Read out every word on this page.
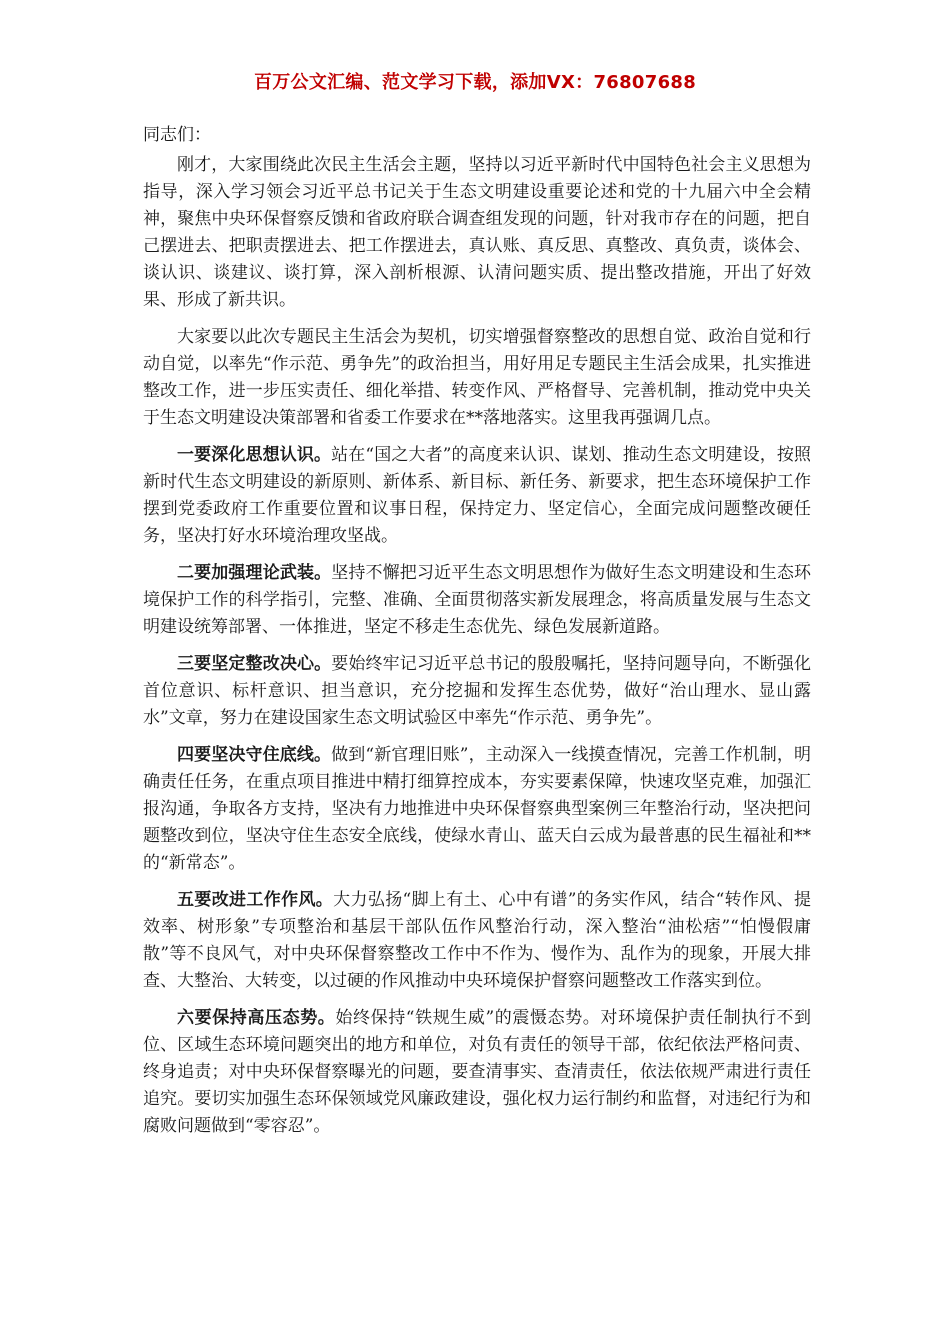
百万公文汇编、范文学习下载，添加VX：76807688

同志们：

刚才，大家围绕此次民主生活会主题，坚持以习近平新时代中国特色社会主义思想为指导，深入学习领会习近平总书记关于生态文明建设重要论述和党的十九届六中全会精神，聚焦中央环保督察反馈和省政府联合调查组发现的问题，针对我市存在的问题，把自己摆进去、把职责摆进去、把工作摆进去，真认账、真反思、真整改、真负责，谈体会、谈认识、谈建议、谈打算，深入剖析根源、认清问题实质、提出整改措施，开出了好效果、形成了新共识。

大家要以此次专题民主生活会为契机，切实增强督察整改的思想自觉、政治自觉和行动自觉，以率先“作示范、勇争先”的政治担当，用好用足专题民主生活会成果，扎实推进整改工作，进一步压实责任、细化举措、转变作风、严格督导、完善机制，推动党中央关于生态文明建设决策部署和省委工作要求在**落地落实。这里我再强调几点。

一要深化思想认识。站在“国之大者”的高度来认识、谋划、推动生态文明建设，按照新时代生态文明建设的新原则、新体系、新目标、新任务、新要求，把生态环境保护工作摆到党委政府工作重要位置和议事日程，保持定力、坚定信心，全面完成问题整改硬任务，坚决打好水环境治理攻坚战。

二要加强理论武装。坚持不懈把习近平生态文明思想作为做好生态文明建设和生态环境保护工作的科学指引，完整、准确、全面贯彻落实新发展理念，将高质量发展与生态文明建设统筹部署、一体推进，坚定不移走生态优先、绿色发展新道路。

三要坚定整改决心。要始终牢记习近平总书记的殷殷嘱托，坚持问题导向，不断强化首位意识、标杆意识、担当意识，充分挖掘和发挥生态优势，做好“治山理水、显山露水”文章，努力在建设国家生态文明试验区中率先“作示范、勇争先”。

四要坚决守住底线。做到“新官理旧账”，主动深入一线摸查情况，完善工作机制，明确责任任务，在重点项目推进中精打细算控成本，夯实要素保障，快速攻坚克难，加强汇报沟通，争取各方支持，坚决有力地推进中央环保督察典型案例三年整治行动，坚决把问题整改到位，坚决守住生态安全底线，使绿水青山、蓝天白云成为最普惠的民生福祉和**的“新常态”。

五要改进工作作风。大力弘扬“脚上有土、心中有谱”的务实作风，结合“转作风、提效率、树形象”专项整治和基层干部队伍作风整治行动，深入整治“油松痞”“怕慢假庸散”等不良风气，对中央环保督察整改工作中不作为、慢作为、乱作为的现象，开展大排查、大整治、大转变，以过硬的作风推动中央环境保护督察问题整改工作落实到位。

六要保持高压态势。始终保持“铁规生威”的震慑态势。对环境保护责任制执行不到位、区域生态环境问题突出的地方和单位，对负有责任的领导干部，依纪依法严格问责、终身追责；对中央环保督察曝光的问题，要查清事实、查清责任，依法依规严肃进行责任追究。要切实加强生态环保领域党风廉政建设，强化权力运行制约和监督，对违纪行为和腐败问题做到“零容忍”。
